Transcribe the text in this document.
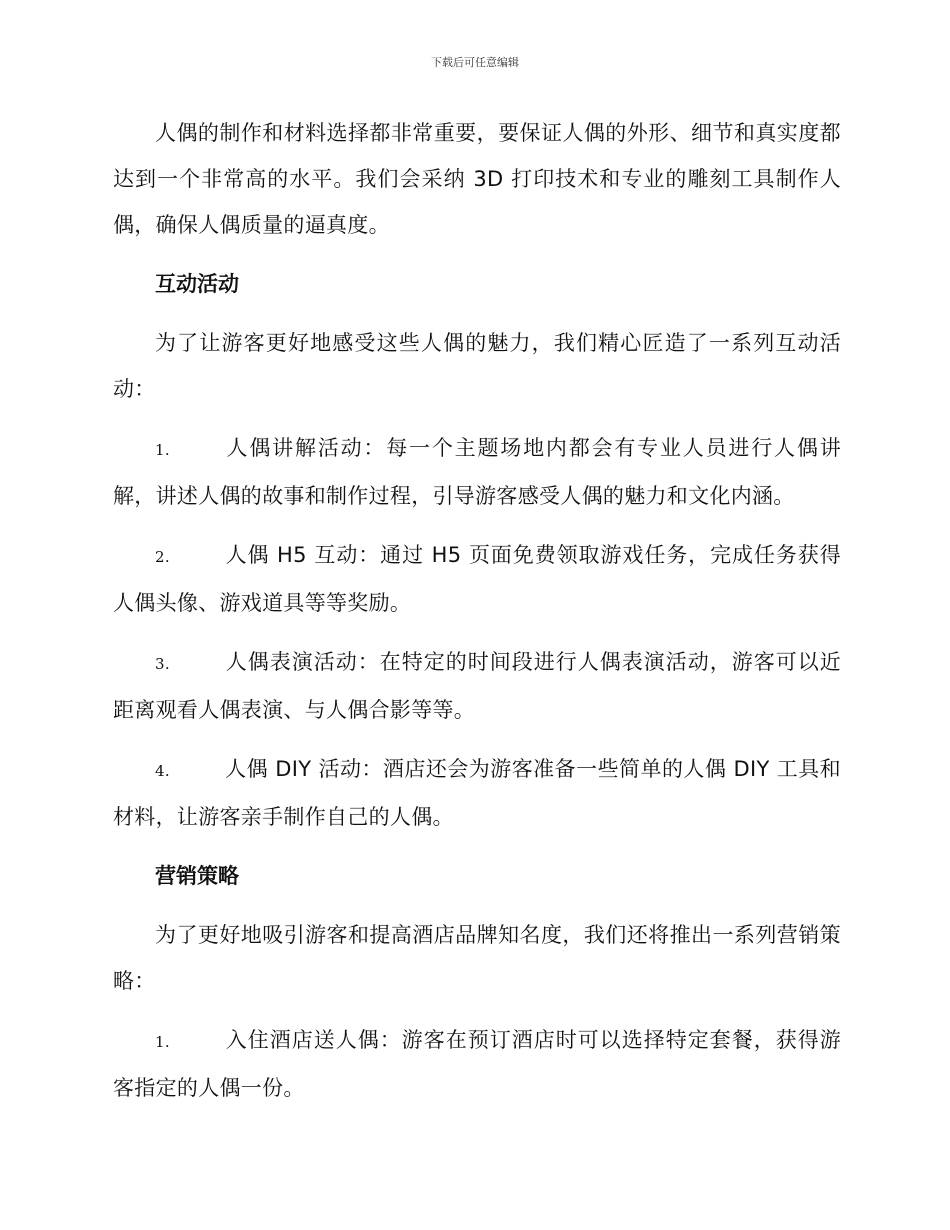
下载后可任意编辑

人偶的制作和材料选择都非常重要，要保证人偶的外形、细节和真实度都达到一个非常高的水平。我们会采纳 3D 打印技术和专业的雕刻工具制作人偶，确保人偶质量的逼真度。

互动活动

为了让游客更好地感受这些人偶的魅力，我们精心匠造了一系列互动活动：

1.	人偶讲解活动：每一个主题场地内都会有专业人员进行人偶讲解，讲述人偶的故事和制作过程，引导游客感受人偶的魅力和文化内涵。

2.	人偶 H5 互动：通过 H5 页面免费领取游戏任务，完成任务获得人偶头像、游戏道具等等奖励。

3.	人偶表演活动：在特定的时间段进行人偶表演活动，游客可以近距离观看人偶表演、与人偶合影等等。

4.	人偶 DIY 活动：酒店还会为游客准备一些简单的人偶 DIY 工具和材料，让游客亲手制作自己的人偶。

营销策略

为了更好地吸引游客和提高酒店品牌知名度，我们还将推出一系列营销策略：

1.	入住酒店送人偶：游客在预订酒店时可以选择特定套餐，获得游客指定的人偶一份。
